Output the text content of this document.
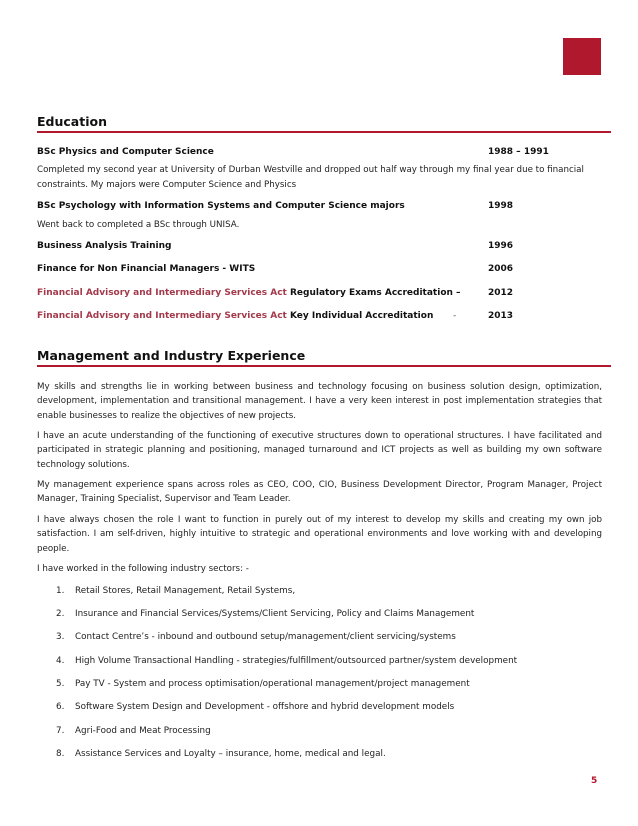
Education
BSc Physics and Computer Science	1988 – 1991
Completed my second year at University of Durban Westville and dropped out half way through my final year due to financial constraints. My majors were Computer Science and Physics
BSc Psychology with Information Systems and Computer Science majors	1998
Went back to completed a BSc through UNISA.
Business Analysis Training	1996
Finance for Non Financial Managers - WITS	2006
Financial Advisory and Intermediary Services Act Regulatory Exams Accreditation –	2012
Financial Advisory and Intermediary Services Act Key Individual Accreditation -	2013
Management and Industry Experience
My skills and strengths lie in working between business and technology focusing on business solution design, optimization, development, implementation and transitional management. I have a very keen interest in post implementation strategies that enable businesses to realize the objectives of new projects.
I have an acute understanding of the functioning of executive structures down to operational structures. I have facilitated and participated in strategic planning and positioning, managed turnaround and ICT projects as well as building my own software technology solutions.
My management experience spans across roles as CEO, COO, CIO, Business Development Director, Program Manager, Project Manager, Training Specialist, Supervisor and Team Leader.
I have always chosen the role I want to function in purely out of my interest to develop my skills and creating my own job satisfaction. I am self-driven, highly intuitive to strategic and operational environments and love working with and developing people.
I have worked in the following industry sectors: -
1. Retail Stores, Retail Management, Retail Systems,
2. Insurance and Financial Services/Systems/Client Servicing, Policy and Claims Management
3. Contact Centre’s - inbound and outbound setup/management/client servicing/systems
4. High Volume Transactional Handling - strategies/fulfillment/outsourced partner/system development
5. Pay TV - System and process optimisation/operational management/project management
6. Software System Design and Development - offshore and hybrid development models
7. Agri-Food and Meat Processing
8. Assistance Services and Loyalty – insurance, home, medical and legal.
5
